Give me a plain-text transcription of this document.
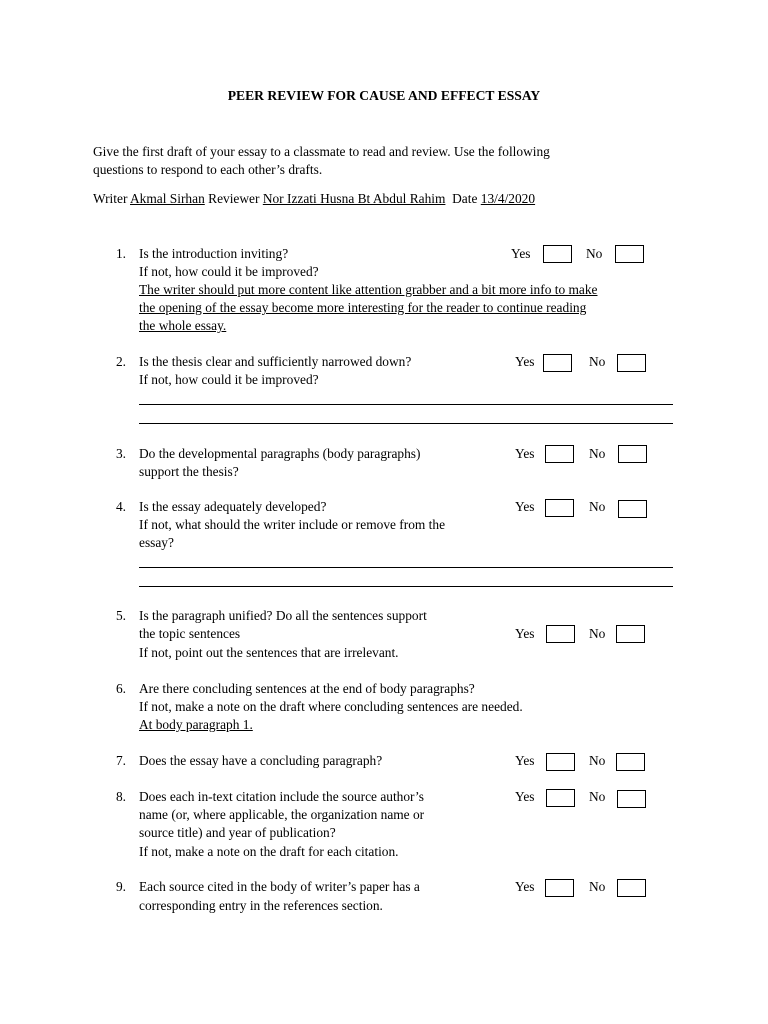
PEER REVIEW FOR CAUSE AND EFFECT ESSAY
Give the first draft of your essay to a classmate to read and review. Use the following
questions to respond to each other’s drafts.
Writer Akmal Sirhan Reviewer Nor Izzati Husna Bt Abdul Rahim Date 13/4/2020
1. Is the introduction inviting?
If not, how could it be improved?
The writer should put more content like attention grabber and a bit more info to make
the opening of the essay become more interesting for the reader to continue reading
the whole essay.
Yes	No
2. Is the thesis clear and sufficiently narrowed down?
If not, how could it be improved?
Yes	No
3. Do the developmental paragraphs (body paragraphs)
support the thesis?
Yes	No
4. Is the essay adequately developed?
If not, what should the writer include or remove from the
essay?
Yes	No
5. Is the paragraph unified? Do all the sentences support
the topic sentences
If not, point out the sentences that are irrelevant.
Yes	No
6. Are there concluding sentences at the end of body paragraphs?
If not, make a note on the draft where concluding sentences are needed.
At body paragraph 1.
7. Does the essay have a concluding paragraph?	Yes	No
8. Does each in-text citation include the source author’s
name (or, where applicable, the organization name or
source title) and year of publication?
If not, make a note on the draft for each citation.
Yes	No
9. Each source cited in the body of writer’s paper has a
corresponding entry in the references section.
Yes	No
